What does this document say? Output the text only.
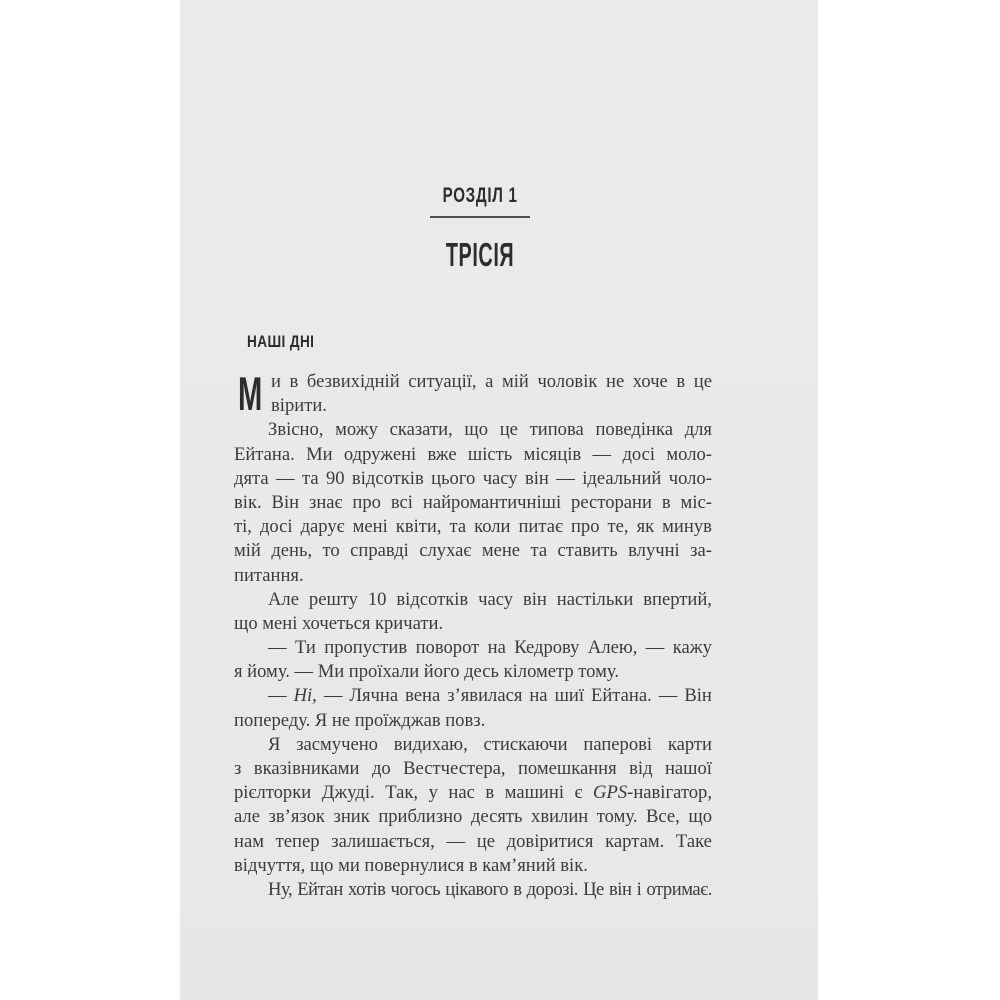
РОЗДІЛ 1
ТРІСІЯ
НАШІ ДНІ
М и в безвихідній ситуації, а мій чоловік не хоче в це
вірити.
Звісно, можу сказати, що це типова поведінка для
Ейтана. Ми одружені вже шість місяців — досі моло-
дята — та 90 відсотків цього часу він — ідеальний чоло-
вік. Він знає про всі найромантичніші ресторани в міс-
ті, досі дарує мені квіти, та коли питає про те, як минув
мій день, то справді слухає мене та ставить влучні за-
питання.
Але решту 10 відсотків часу він настільки впертий,
що мені хочеться кричати.
— Ти пропустив поворот на Кедрову Алею, — кажу
я йому. — Ми проїхали його десь кілометр тому.
— Ні, — Лячна вена з’явилася на шиї Ейтана. — Він
попереду. Я не проїжджав повз.
Я засмучено видихаю, стискаючи паперові карти
з вказівниками до Вестчестера, помешкання від нашої
рієлторки Джуді. Так, у нас в машині є GPS-навігатор,
але зв’язок зник приблизно десять хвилин тому. Все, що
нам тепер залишається, — це довіритися картам. Таке
відчуття, що ми повернулися в кам’яний вік.
Ну, Ейтан хотів чогось цікавого в дорозі. Це він і отримає.
